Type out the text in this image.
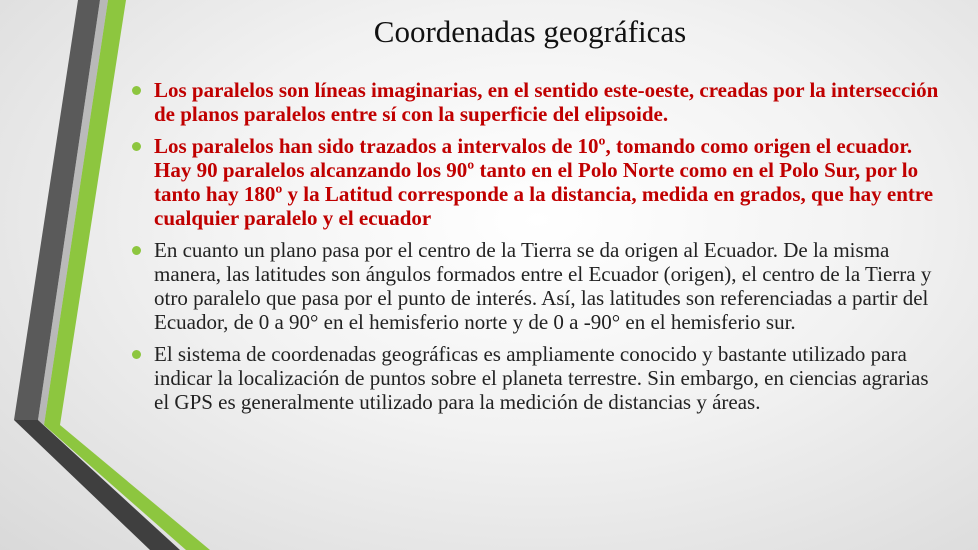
Coordenadas geográficas
Los paralelos son líneas imaginarias, en el sentido este-oeste, creadas por la intersección de planos paralelos entre sí con la superficie del elipsoide.
Los paralelos han sido trazados a intervalos de 10º, tomando como origen el ecuador. Hay 90 paralelos alcanzando los 90º tanto en el Polo Norte como en el Polo Sur, por lo tanto hay 180º y la Latitud corresponde a la distancia, medida en grados, que hay entre cualquier paralelo y el ecuador
En cuanto un plano pasa por el centro de la Tierra se da origen al Ecuador. De la misma manera, las latitudes son ángulos formados entre el Ecuador (origen), el centro de la Tierra y otro paralelo que pasa por el punto de interés. Así, las latitudes son referenciadas a partir del Ecuador, de 0 a 90° en el hemisferio norte y de 0 a -90° en el hemisferio sur.
El sistema de coordenadas geográficas es ampliamente conocido y bastante utilizado para indicar la localización de puntos sobre el planeta terrestre. Sin embargo, en ciencias agrarias el GPS es generalmente utilizado para la medición de distancias y áreas.
